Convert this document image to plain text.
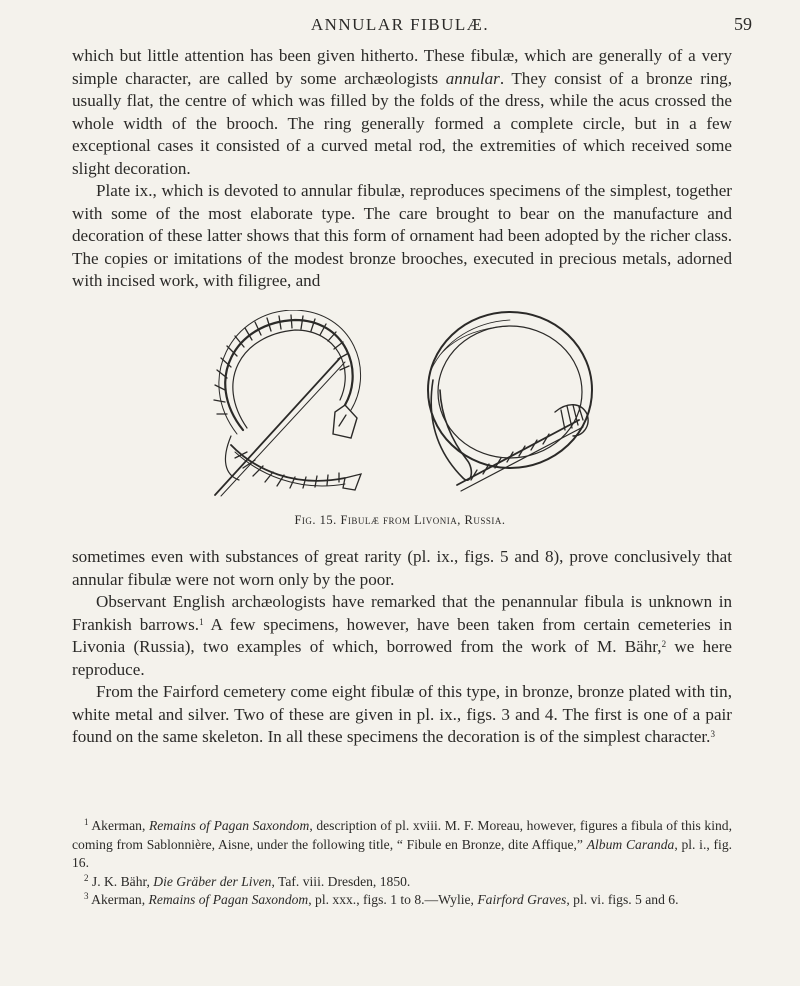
ANNULAR FIBULÆ.	59

which but little attention has been given hitherto. These fibulæ, which are generally of a very simple character, are called by some archæologists annular. They consist of a bronze ring, usually flat, the centre of which was filled by the folds of the dress, while the acus crossed the whole width of the brooch. The ring generally formed a complete circle, but in a few exceptional cases it consisted of a curved metal rod, the extremities of which received some slight decoration.

Plate ix., which is devoted to annular fibulæ, reproduces specimens of the simplest, together with some of the most elaborate type. The care brought to bear on the manufacture and decoration of these latter shows that this form of ornament had been adopted by the richer class. The copies or imitations of the modest bronze brooches, executed in precious metals, adorned with incised work, with filigree, and

Fig. 15. Fibulæ from Livonia, Russia.

sometimes even with substances of great rarity (pl. ix., figs. 5 and 8), prove conclusively that annular fibulæ were not worn only by the poor.

Observant English archæologists have remarked that the penannular fibula is unknown in Frankish barrows.$^1$ A few specimens, however, have been taken from certain cemeteries in Livonia (Russia), two examples of which, borrowed from the work of M. Bähr,$^2$ we here reproduce.

From the Fairford cemetery come eight fibulæ of this type, in bronze, bronze plated with tin, white metal and silver. Two of these are given in pl. ix., figs. 3 and 4. The first is one of a pair found on the same skeleton. In all these specimens the decoration is of the simplest character.$^3$

$^1$ Akerman, Remains of Pagan Saxondom, description of pl. xviii. M. F. Moreau, however, figures a fibula of this kind, coming from Sablonnière, Aisne, under the following title, “ Fibule en Bronze, dite Affique,” Album Caranda, pl. i., fig. 16.

$^2$ J. K. Bähr, Die Gräber der Liven, Taf. viii. Dresden, 1850.

$^3$ Akerman, Remains of Pagan Saxondom, pl. xxx., figs. 1 to 8.—Wylie, Fairford Graves, pl. vi. figs. 5 and 6.
